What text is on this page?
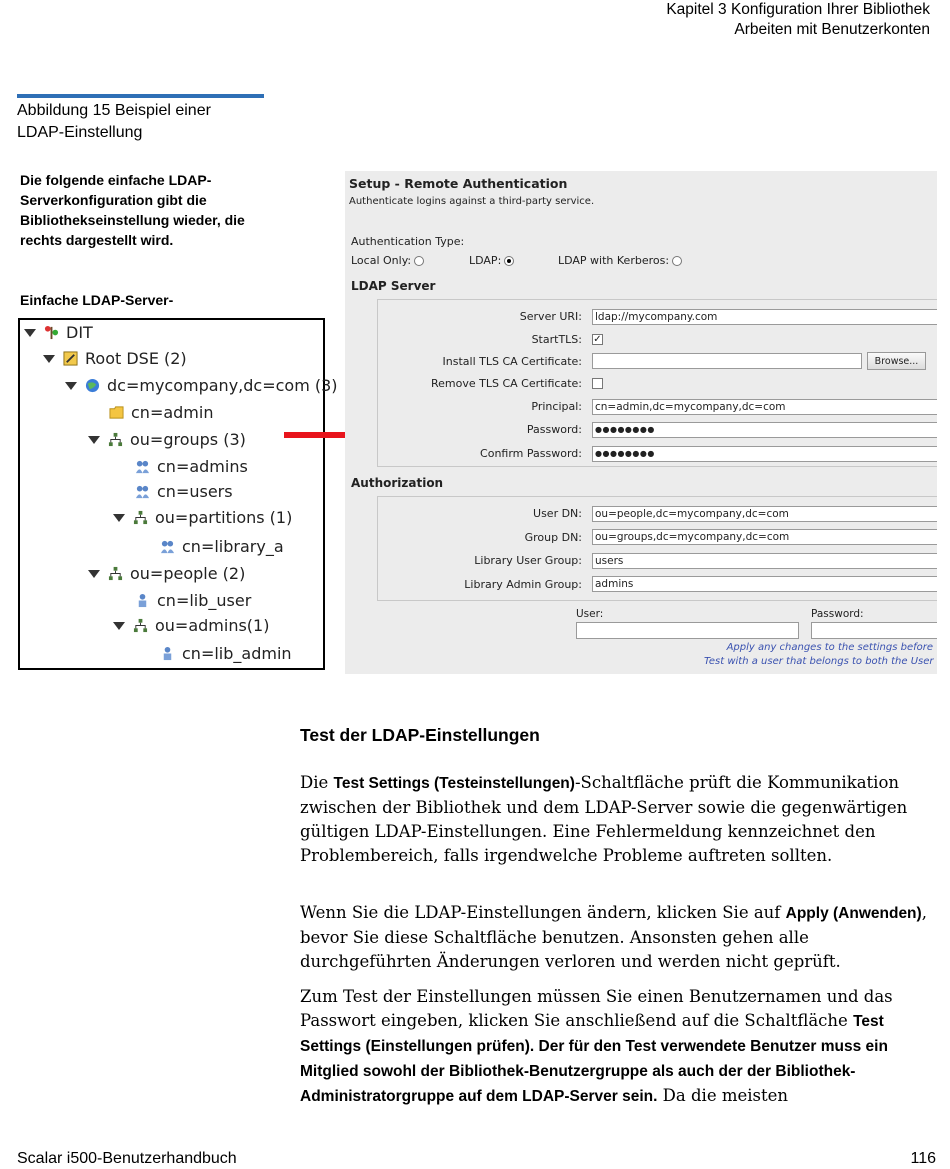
Kapitel 3 Konfiguration Ihrer Bibliothek
Arbeiten mit Benutzerkonten
Abbildung 15 Beispiel einer
LDAP-Einstellung
Die folgende einfache LDAP-
Serverkonfiguration gibt die
Bibliothekseinstellung wieder, die
rechts dargestellt wird.
Einfache LDAP-Server-
DIT
Root DSE (2)
dc=mycompany,dc=com (3)
cn=admin
ou=groups (3)
cn=admins
cn=users
ou=partitions (1)
cn=library_a
ou=people (2)
cn=lib_user
ou=admins(1)
cn=lib_admin
Setup - Remote Authentication
Authenticate logins against a third-party service.
Authentication Type:
Local Only:	LDAP:	LDAP with Kerberos:
LDAP Server
Server URI: ldap://mycompany.com
StartTLS: ✓
Install TLS CA Certificate:	Browse...
Remove TLS CA Certificate:
Principal: cn=admin,dc=mycompany,dc=com
Password:	●●●●●●●●
Confirm Password:	●●●●●●●●
Authorization
User DN: ou=people,dc=mycompany,dc=com
Group DN: ou=groups,dc=mycompany,dc=com
Library User Group: users
Library Admin Group: admins
User:	Password:
Apply any changes to the settings before
Test with a user that belongs to both the User
Test der LDAP-Einstellungen
Die Test Settings (Testeinstellungen)-Schaltfläche prüft die Kommunikation zwischen der Bibliothek und dem LDAP-Server sowie die gegenwärtigen gültigen LDAP-Einstellungen. Eine Fehlermeldung kennzeichnet den Problembereich, falls irgendwelche Probleme auftreten sollten.
Wenn Sie die LDAP-Einstellungen ändern, klicken Sie auf Apply (Anwenden), bevor Sie diese Schaltfläche benutzen. Ansonsten gehen alle durchgeführten Änderungen verloren und werden nicht geprüft.
Zum Test der Einstellungen müssen Sie einen Benutzernamen und das Passwort eingeben, klicken Sie anschließend auf die Schaltfläche Test Settings (Einstellungen prüfen). Der für den Test verwendete Benutzer muss ein Mitglied sowohl der Bibliothek-Benutzergruppe als auch der der Bibliothek-Administratorgruppe auf dem LDAP-Server sein. Da die meisten
Scalar i500-Benutzerhandbuch	116
